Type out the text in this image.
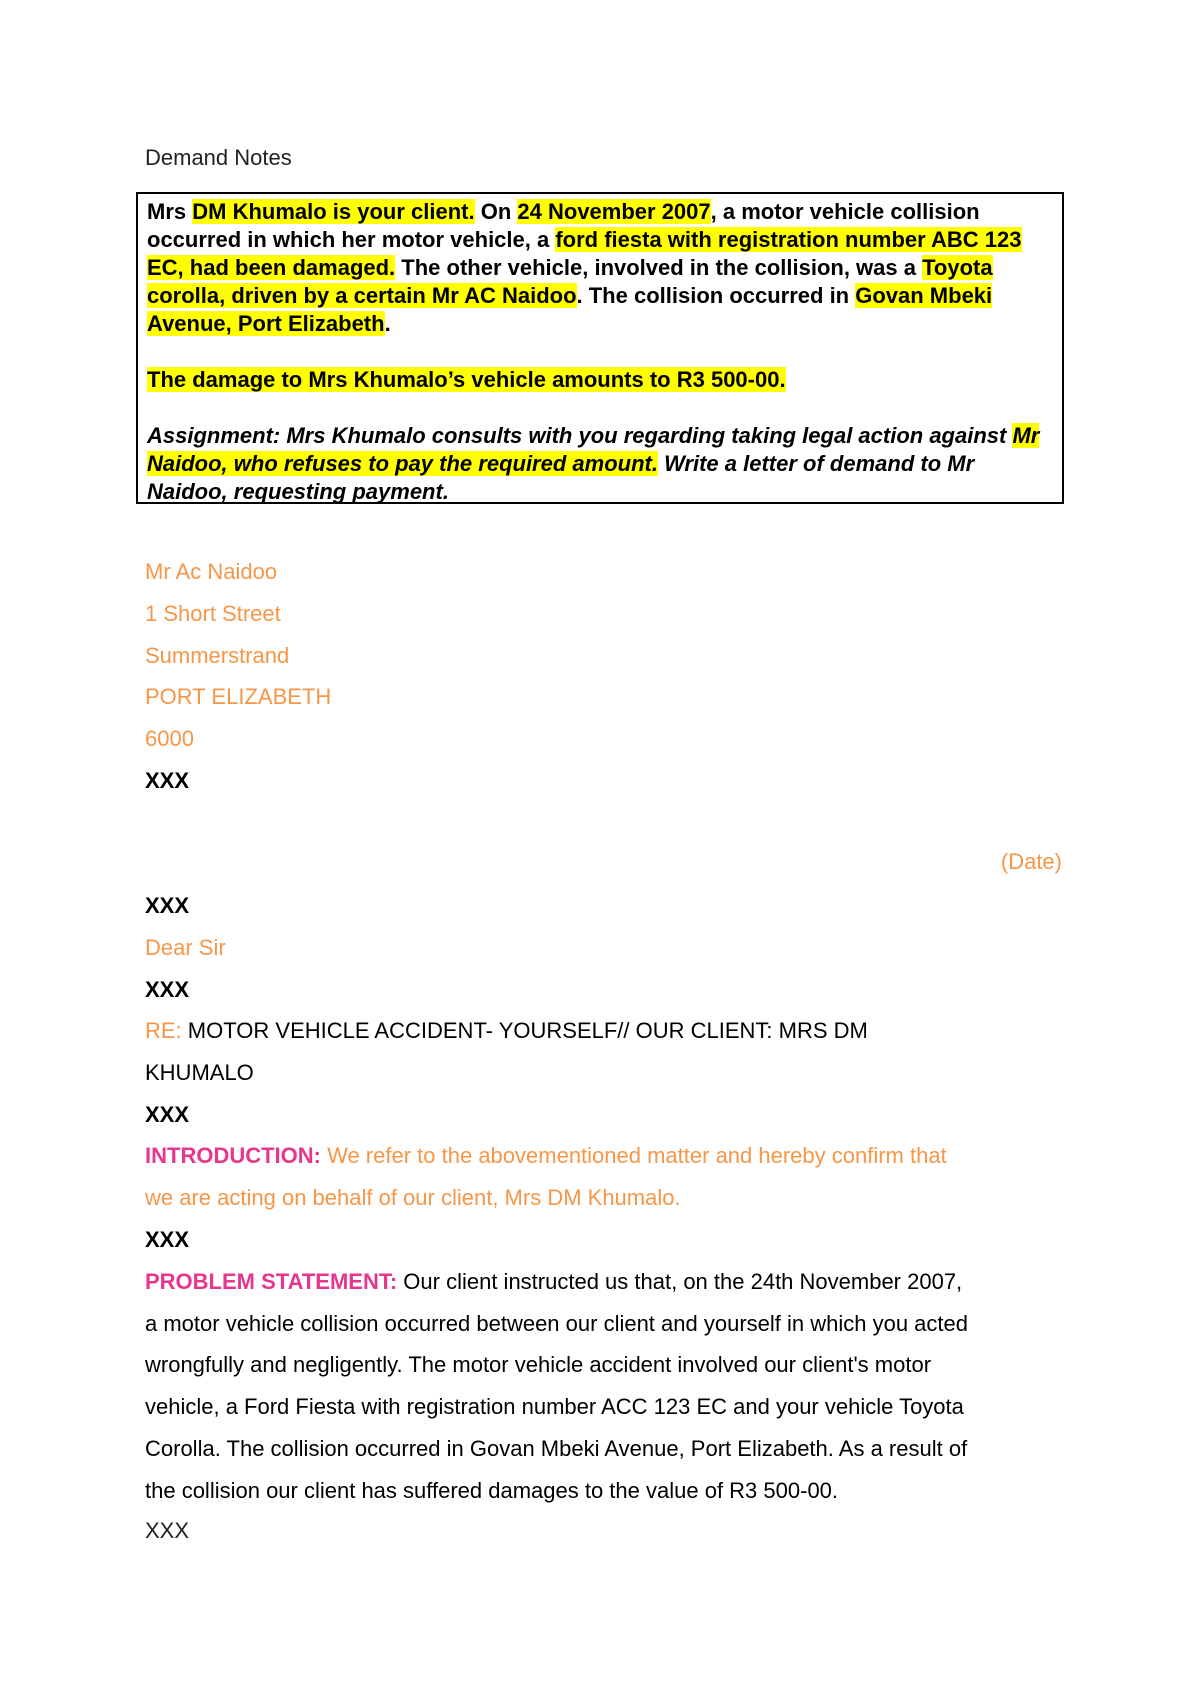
Demand Notes

Mrs DM Khumalo is your client. On 24 November 2007, a motor vehicle collision occurred in which her motor vehicle, a ford fiesta with registration number ABC 123 EC, had been damaged. The other vehicle, involved in the collision, was a Toyota corolla, driven by a certain Mr AC Naidoo. The collision occurred in Govan Mbeki Avenue, Port Elizabeth.

The damage to Mrs Khumalo’s vehicle amounts to R3 500-00.

Assignment: Mrs Khumalo consults with you regarding taking legal action against Mr Naidoo, who refuses to pay the required amount. Write a letter of demand to Mr Naidoo, requesting payment.

Mr Ac Naidoo
1 Short Street
Summerstrand
PORT ELIZABETH
6000
XXX
(Date)
XXX
Dear Sir
XXX
RE: MOTOR VEHICLE ACCIDENT- YOURSELF// OUR CLIENT: MRS DM
KHUMALO
XXX
INTRODUCTION: We refer to the abovementioned matter and hereby confirm that
we are acting on behalf of our client, Mrs DM Khumalo.
XXX
PROBLEM STATEMENT: Our client instructed us that, on the 24th November 2007,
a motor vehicle collision occurred between our client and yourself in which you acted
wrongfully and negligently. The motor vehicle accident involved our client's motor
vehicle, a Ford Fiesta with registration number ACC 123 EC and your vehicle Toyota
Corolla. The collision occurred in Govan Mbeki Avenue, Port Elizabeth. As a result of
the collision our client has suffered damages to the value of R3 500-00.
XXX
